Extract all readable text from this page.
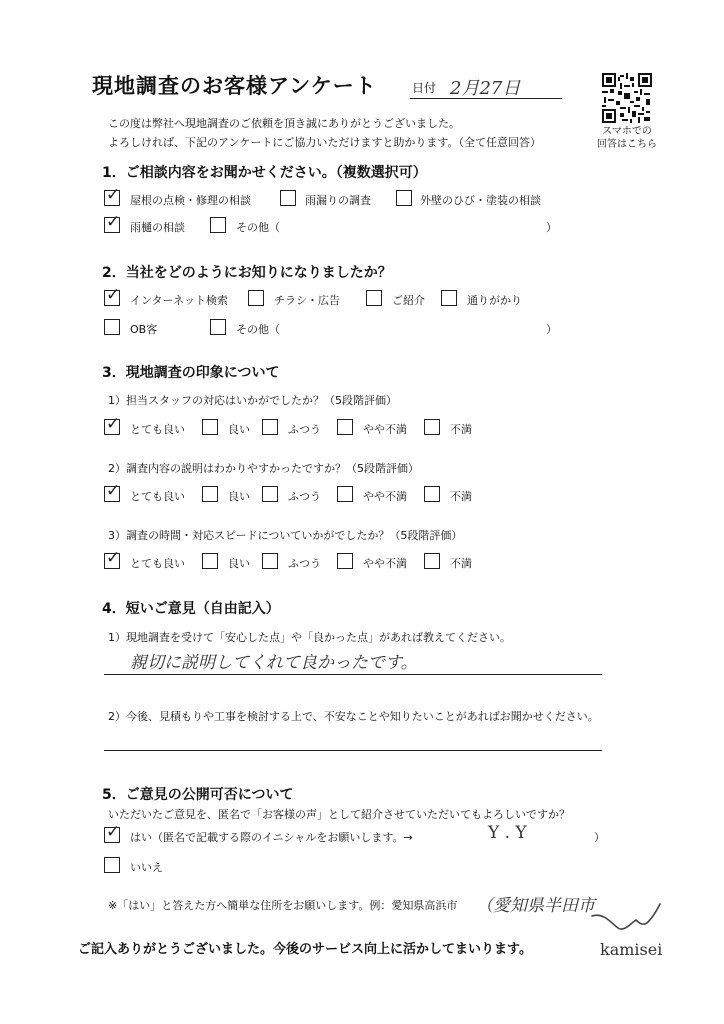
現地調査のお客様アンケート	日付 2月27日
スマホでの
回答はこちら
この度は弊社へ現地調査のご依頼を頂き誠にありがとうございました。
よろしければ、下記のアンケートにご協力いただけますと助かります。（全て任意回答）
1．ご相談内容をお聞かせください。（複数選択可）
✓ 屋根の点検・修理の相談	雨漏りの調査	外壁のひび・塗装の相談
✓ 雨樋の相談	その他（	）
2．当社をどのようにお知りになりましたか？
✓ インターネット検索	チラシ・広告	ご紹介	通りがかり
OB客	その他（	）
3．現地調査の印象について
1）担当スタッフの対応はいかがでしたか？（5段階評価）
✓ とても良い	良い	ふつう	やや不満	不満
2）調査内容の説明はわかりやすかったですか？（5段階評価）
✓ とても良い	良い	ふつう	やや不満	不満
3）調査の時間・対応スピードについていかがでしたか？（5段階評価）
✓ とても良い	良い	ふつう	やや不満	不満
4．短いご意見（自由記入）
1）現地調査を受けて「安心した点」や「良かった点」があれば教えてください。
親切に説明してくれて良かったです。
2）今後、見積もりや工事を検討する上で、不安なことや知りたいことがあればお聞かせください。
5．ご意見の公開可否について
いただいたご意見を、匿名で「お客様の声」として紹介させていただいてもよろしいですか？
✓ はい（匿名で記載する際のイニシャルをお願いします。→	Y . Y	）
いいえ
※「はい」と答えた方へ簡単な住所をお願いします。例：愛知県高浜市 （愛知県半田市
ご記入ありがとうございました。今後のサービス向上に活かしてまいります。	kamisei
